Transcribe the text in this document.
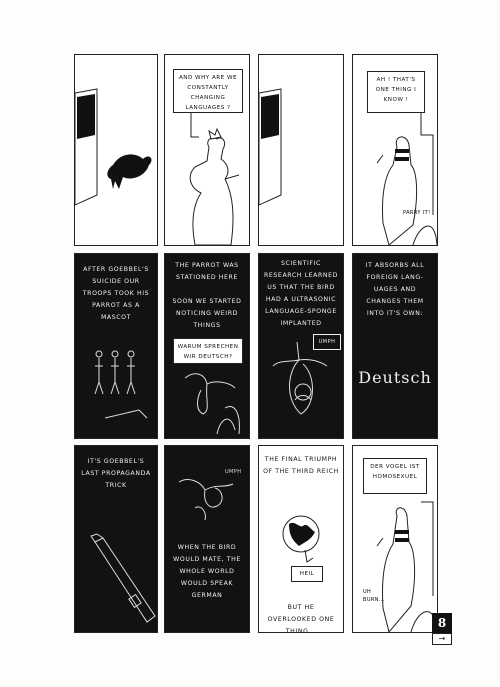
AND WHY ARE WE CONSTANTLY CHANGING LANGUAGES ?
AH ! THAT'S ONE THING I KNOW !
PARRY IT!
AFTER GOEBBEL'S SUICIDE OUR TROOPS TOOK HIS PARROT AS A MASCOT
THE PARROT WAS STATIONED HERE
SOON WE STARTED NOTICING WEIRD THINGS
WARUM SPRECHEN WIR DEUTSCH?
SCIENTIFIC RESEARCH LEARNED US THAT THE BIRD HAD A ULTRASONIC LANGUAGE-SPONGE IMPLANTED
UMPH
IT ABSORBS ALL FOREIGN LANG-UAGES AND CHANGES THEM INTO IT'S OWN:
Deutsch
IT'S GOEBBEL'S LAST PROPAGANDA TRICK
UMPH
WHEN THE BIRD WOULD MATE, THE WHOLE WORLD WOULD SPEAK GERMAN
THE FINAL TRIUMPH OF THE THIRD REICH
HEIL
BUT HE OVERLOOKED ONE THING...
DER VOGEL IST HOMOSEXUEL
UH BURN...
8
→
